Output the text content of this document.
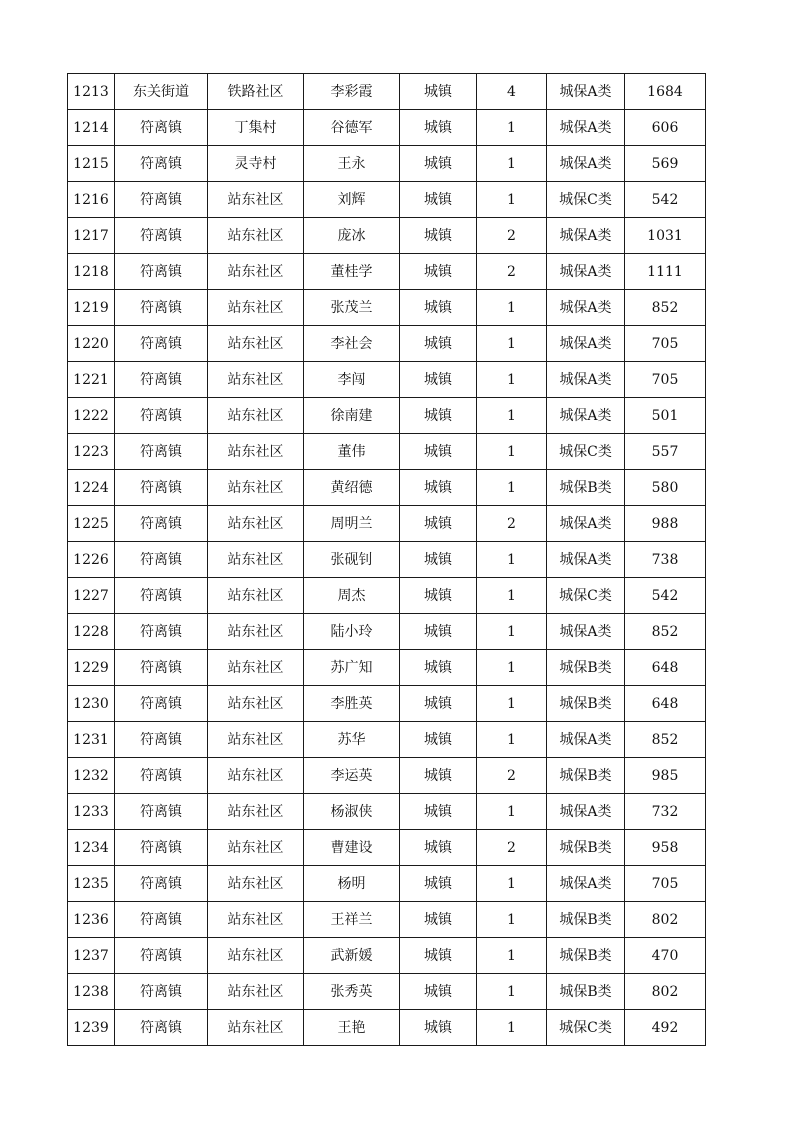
1213	东关街道	铁路社区	李彩霞	城镇	4	城保A类	1684
1214	符离镇	丁集村	谷德军	城镇	1	城保A类	606
1215	符离镇	灵寺村	王永	城镇	1	城保A类	569
1216	符离镇	站东社区	刘辉	城镇	1	城保C类	542
1217	符离镇	站东社区	庞冰	城镇	2	城保A类	1031
1218	符离镇	站东社区	董桂学	城镇	2	城保A类	1111
1219	符离镇	站东社区	张茂兰	城镇	1	城保A类	852
1220	符离镇	站东社区	李社会	城镇	1	城保A类	705
1221	符离镇	站东社区	李闯	城镇	1	城保A类	705
1222	符离镇	站东社区	徐南建	城镇	1	城保A类	501
1223	符离镇	站东社区	董伟	城镇	1	城保C类	557
1224	符离镇	站东社区	黄绍德	城镇	1	城保B类	580
1225	符离镇	站东社区	周明兰	城镇	2	城保A类	988
1226	符离镇	站东社区	张砚钊	城镇	1	城保A类	738
1227	符离镇	站东社区	周杰	城镇	1	城保C类	542
1228	符离镇	站东社区	陆小玲	城镇	1	城保A类	852
1229	符离镇	站东社区	苏广知	城镇	1	城保B类	648
1230	符离镇	站东社区	李胜英	城镇	1	城保B类	648
1231	符离镇	站东社区	苏华	城镇	1	城保A类	852
1232	符离镇	站东社区	李运英	城镇	2	城保B类	985
1233	符离镇	站东社区	杨淑侠	城镇	1	城保A类	732
1234	符离镇	站东社区	曹建设	城镇	2	城保B类	958
1235	符离镇	站东社区	杨明	城镇	1	城保A类	705
1236	符离镇	站东社区	王祥兰	城镇	1	城保B类	802
1237	符离镇	站东社区	武新媛	城镇	1	城保B类	470
1238	符离镇	站东社区	张秀英	城镇	1	城保B类	802
1239	符离镇	站东社区	王艳	城镇	1	城保C类	492
